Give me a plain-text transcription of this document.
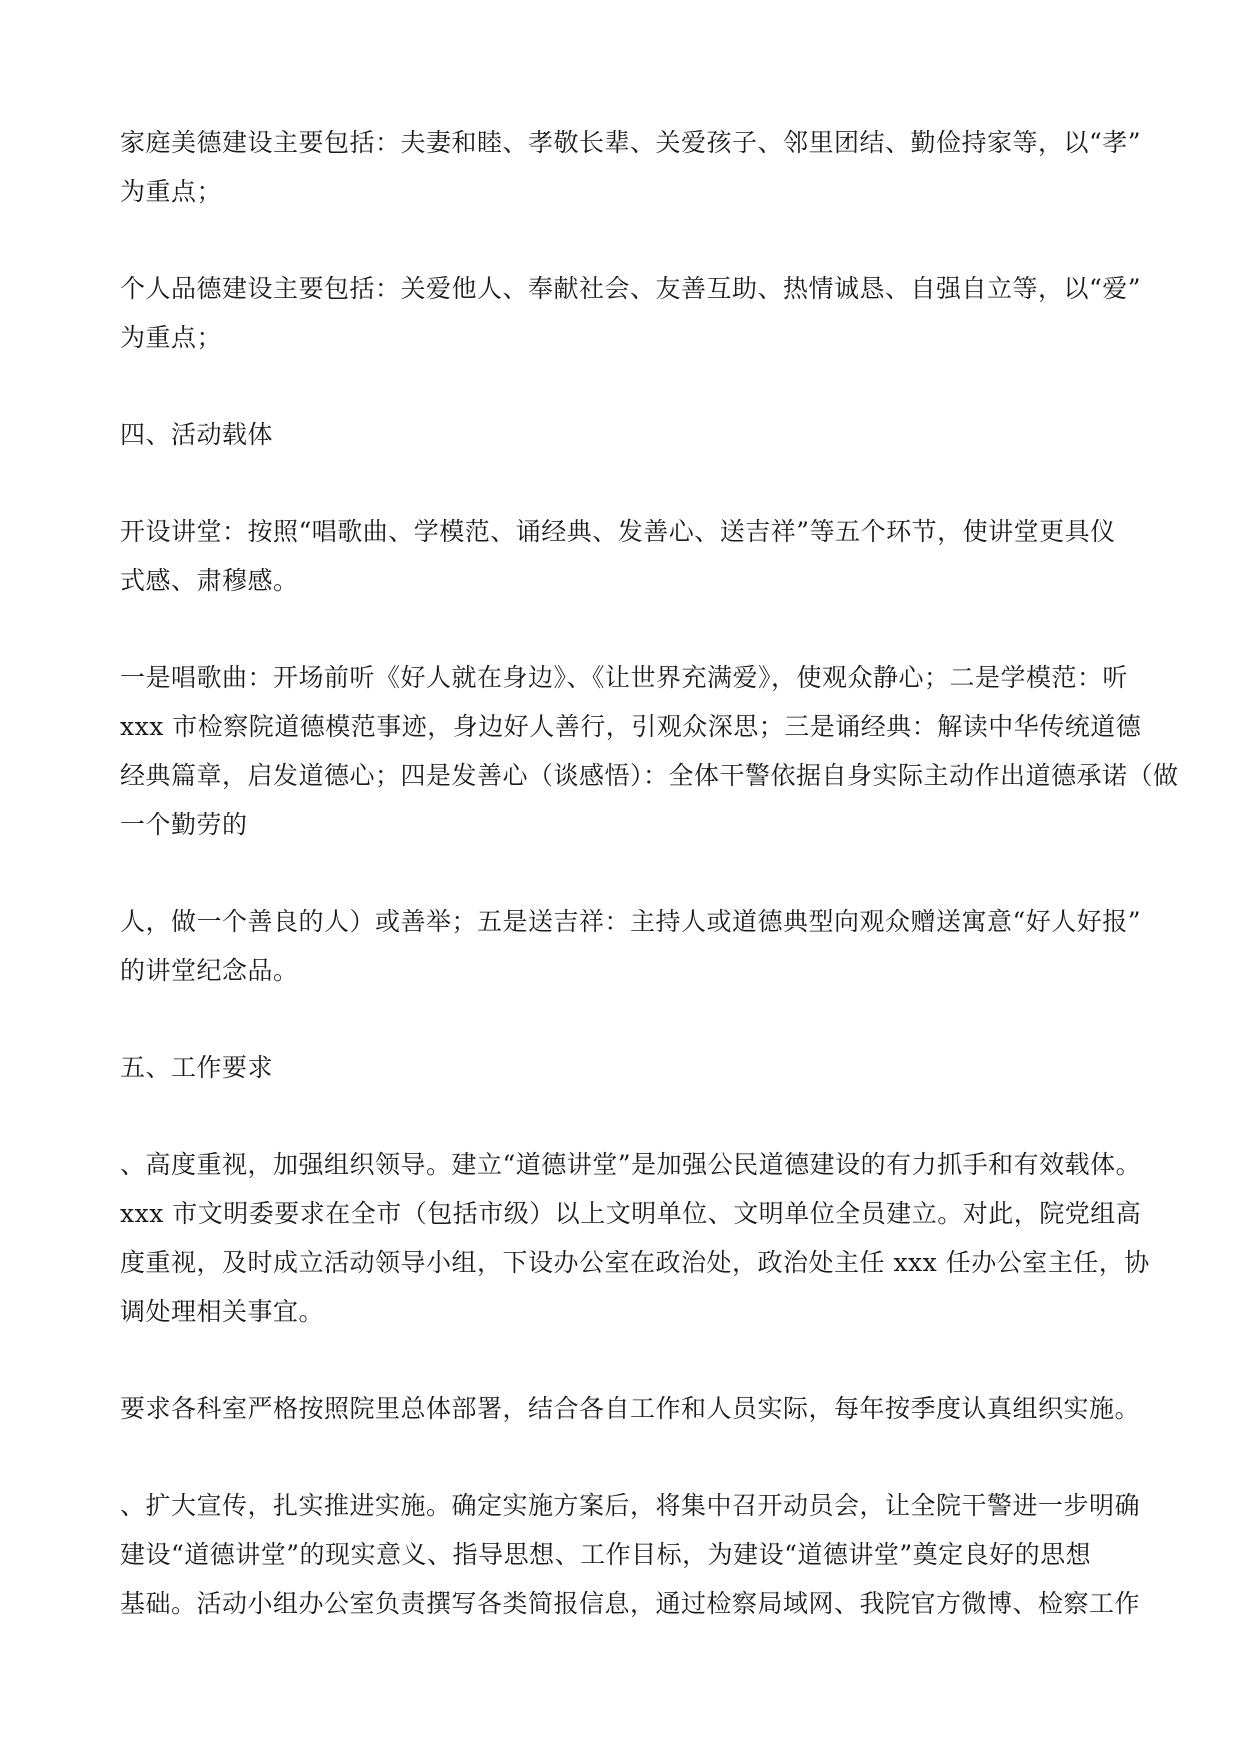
家庭美德建设主要包括：夫妻和睦、孝敬长辈、关爱孩子、邻里团结、勤俭持家等，以“孝”
为重点；

个人品德建设主要包括：关爱他人、奉献社会、友善互助、热情诚恳、自强自立等，以“爱”
为重点；

四、活动载体

开设讲堂：按照“唱歌曲、学模范、诵经典、发善心、送吉祥”等五个环节，使讲堂更具仪
式感、肃穆感。

一是唱歌曲：开场前听《好人就在身边》、《让世界充满爱》，使观众静心；二是学模范：听
xxx 市检察院道德模范事迹，身边好人善行，引观众深思；三是诵经典：解读中华传统道德
经典篇章，启发道德心；四是发善心（谈感悟）：全体干警依据自身实际主动作出道德承诺（做
一个勤劳的

人，做一个善良的人）或善举；五是送吉祥：主持人或道德典型向观众赠送寓意“好人好报”
的讲堂纪念品。

五、工作要求

、高度重视，加强组织领导。建立“道德讲堂”是加强公民道德建设的有力抓手和有效载体。
xxx 市文明委要求在全市（包括市级）以上文明单位、文明单位全员建立。对此，院党组高
度重视，及时成立活动领导小组，下设办公室在政治处，政治处主任 xxx 任办公室主任，协
调处理相关事宜。

要求各科室严格按照院里总体部署，结合各自工作和人员实际，每年按季度认真组织实施。

、扩大宣传，扎实推进实施。确定实施方案后，将集中召开动员会，让全院干警进一步明确
建设“道德讲堂”的现实意义、指导思想、工作目标，为建设“道德讲堂”奠定良好的思想
基础。活动小组办公室负责撰写各类简报信息，通过检察局域网、我院官方微博、检察工作
